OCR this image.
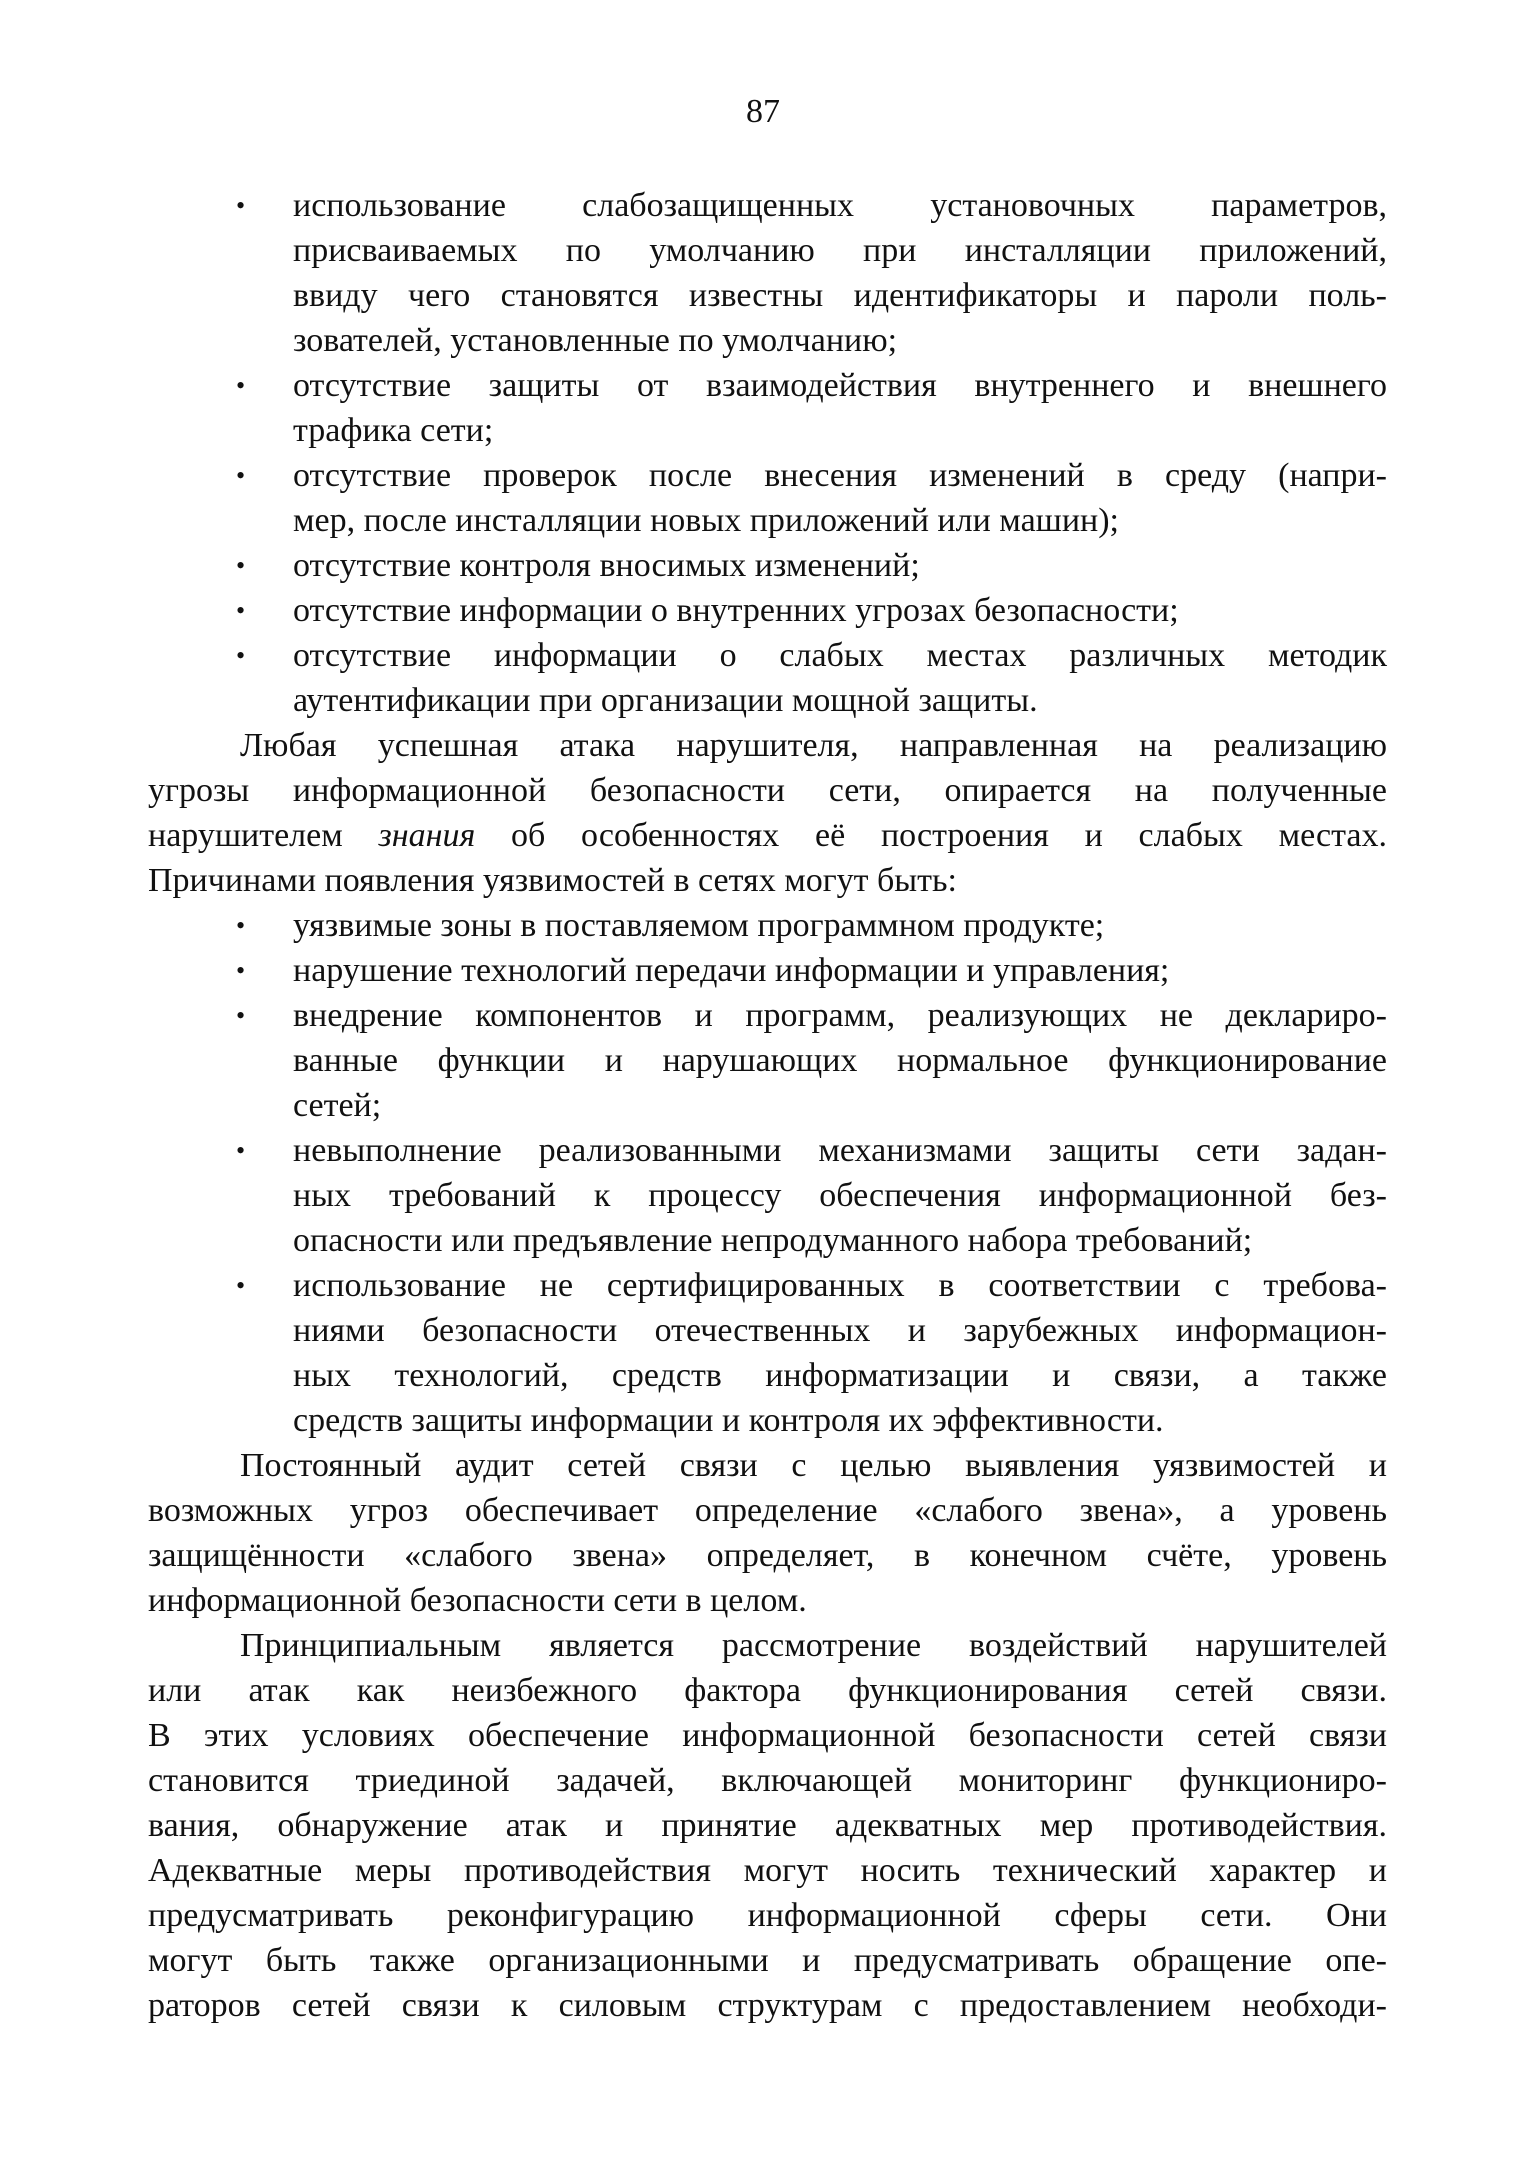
87
• использование слабозащищенных установочных параметров,
присваиваемых по умолчанию при инсталляции приложений,
ввиду чего становятся известны идентификаторы и пароли поль-
зователей, установленные по умолчанию;
• отсутствие защиты от взаимодействия внутреннего и внешнего
трафика сети;
• отсутствие проверок после внесения изменений в среду (напри-
мер, после инсталляции новых приложений или машин);
• отсутствие контроля вносимых изменений;
• отсутствие информации о внутренних угрозах безопасности;
• отсутствие информации о слабых местах различных методик
аутентификации при организации мощной защиты.
Любая успешная атака нарушителя, направленная на реализацию
угрозы информационной безопасности сети, опирается на полученные
нарушителем знания об особенностях её построения и слабых местах.
Причинами появления уязвимостей в сетях могут быть:
• уязвимые зоны в поставляемом программном продукте;
• нарушение технологий передачи информации и управления;
• внедрение компонентов и программ, реализующих не деклариро-
ванные функции и нарушающих нормальное функционирование
сетей;
• невыполнение реализованными механизмами защиты сети задан-
ных требований к процессу обеспечения информационной без-
опасности или предъявление непродуманного набора требований;
• использование не сертифицированных в соответствии с требова-
ниями безопасности отечественных и зарубежных информацион-
ных технологий, средств информатизации и связи, а также
средств защиты информации и контроля их эффективности.
Постоянный аудит сетей связи с целью выявления уязвимостей и
возможных угроз обеспечивает определение «слабого звена», а уровень
защищённости «слабого звена» определяет, в конечном счёте, уровень
информационной безопасности сети в целом.
Принципиальным является рассмотрение воздействий нарушителей
или атак как неизбежного фактора функционирования сетей связи.
В этих условиях обеспечение информационной безопасности сетей связи
становится триединой задачей, включающей мониторинг функциониро-
вания, обнаружение атак и принятие адекватных мер противодействия.
Адекватные меры противодействия могут носить технический характер и
предусматривать реконфигурацию информационной сферы сети. Они
могут быть также организационными и предусматривать обращение опе-
раторов сетей связи к силовым структурам с предоставлением необходи-
